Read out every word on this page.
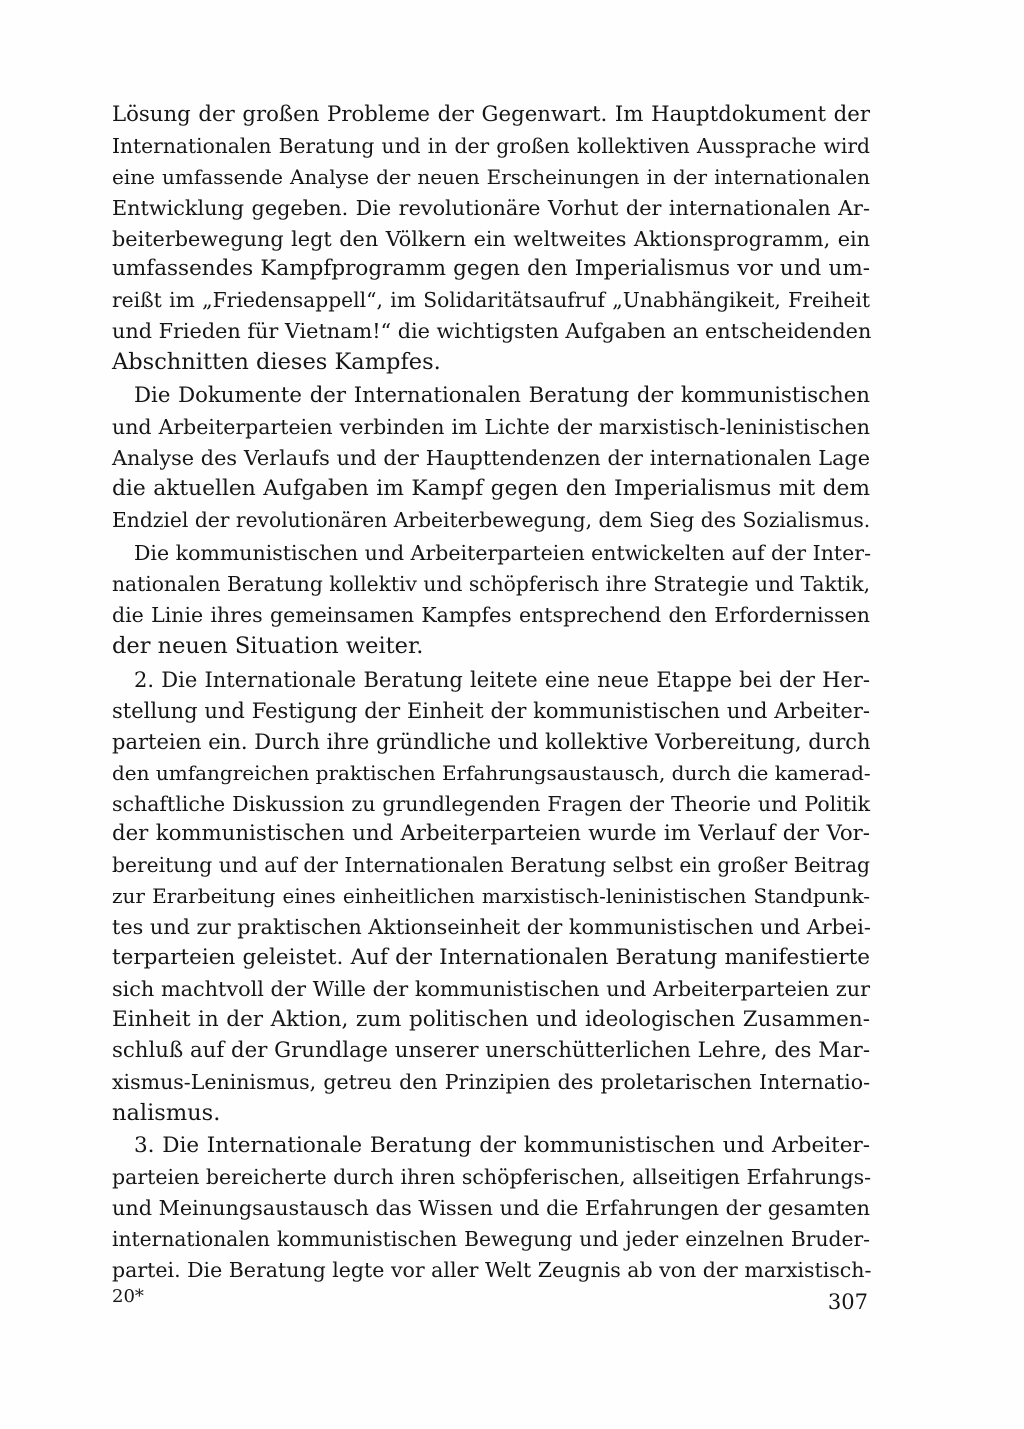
Lösung der großen Probleme der Gegenwart. Im Hauptdokument der
Internationalen Beratung und in der großen kollektiven Aussprache wird
eine umfassende Analyse der neuen Erscheinungen in der internationalen
Entwicklung gegeben. Die revolutionäre Vorhut der internationalen Ar-
beiterbewegung legt den Völkern ein weltweites Aktionsprogramm, ein
umfassendes Kampfprogramm gegen den Imperialismus vor und um-
reißt im „Friedensappell“, im Solidaritätsaufruf „Unabhängikeit, Freiheit
und Frieden für Vietnam!“ die wichtigsten Aufgaben an entscheidenden
Abschnitten dieses Kampfes.
Die Dokumente der Internationalen Beratung der kommunistischen
und Arbeiterparteien verbinden im Lichte der marxistisch-leninistischen
Analyse des Verlaufs und der Haupttendenzen der internationalen Lage
die aktuellen Aufgaben im Kampf gegen den Imperialismus mit dem
Endziel der revolutionären Arbeiterbewegung, dem Sieg des Sozialismus.
Die kommunistischen und Arbeiterparteien entwickelten auf der Inter-
nationalen Beratung kollektiv und schöpferisch ihre Strategie und Taktik,
die Linie ihres gemeinsamen Kampfes entsprechend den Erfordernissen
der neuen Situation weiter.
2. Die Internationale Beratung leitete eine neue Etappe bei der Her-
stellung und Festigung der Einheit der kommunistischen und Arbeiter-
parteien ein. Durch ihre gründliche und kollektive Vorbereitung, durch
den umfangreichen praktischen Erfahrungsaustausch, durch die kamerad-
schaftliche Diskussion zu grundlegenden Fragen der Theorie und Politik
der kommunistischen und Arbeiterparteien wurde im Verlauf der Vor-
bereitung und auf der Internationalen Beratung selbst ein großer Beitrag
zur Erarbeitung eines einheitlichen marxistisch-leninistischen Standpunk-
tes und zur praktischen Aktionseinheit der kommunistischen und Arbei-
terparteien geleistet. Auf der Internationalen Beratung manifestierte
sich machtvoll der Wille der kommunistischen und Arbeiterparteien zur
Einheit in der Aktion, zum politischen und ideologischen Zusammen-
schluß auf der Grundlage unserer unerschütterlichen Lehre, des Mar-
xismus-Leninismus, getreu den Prinzipien des proletarischen Internatio-
nalismus.
3. Die Internationale Beratung der kommunistischen und Arbeiter-
parteien bereicherte durch ihren schöpferischen, allseitigen Erfahrungs-
und Meinungsaustausch das Wissen und die Erfahrungen der gesamten
internationalen kommunistischen Bewegung und jeder einzelnen Bruder-
partei. Die Beratung legte vor aller Welt Zeugnis ab von der marxistisch-
20*	307
